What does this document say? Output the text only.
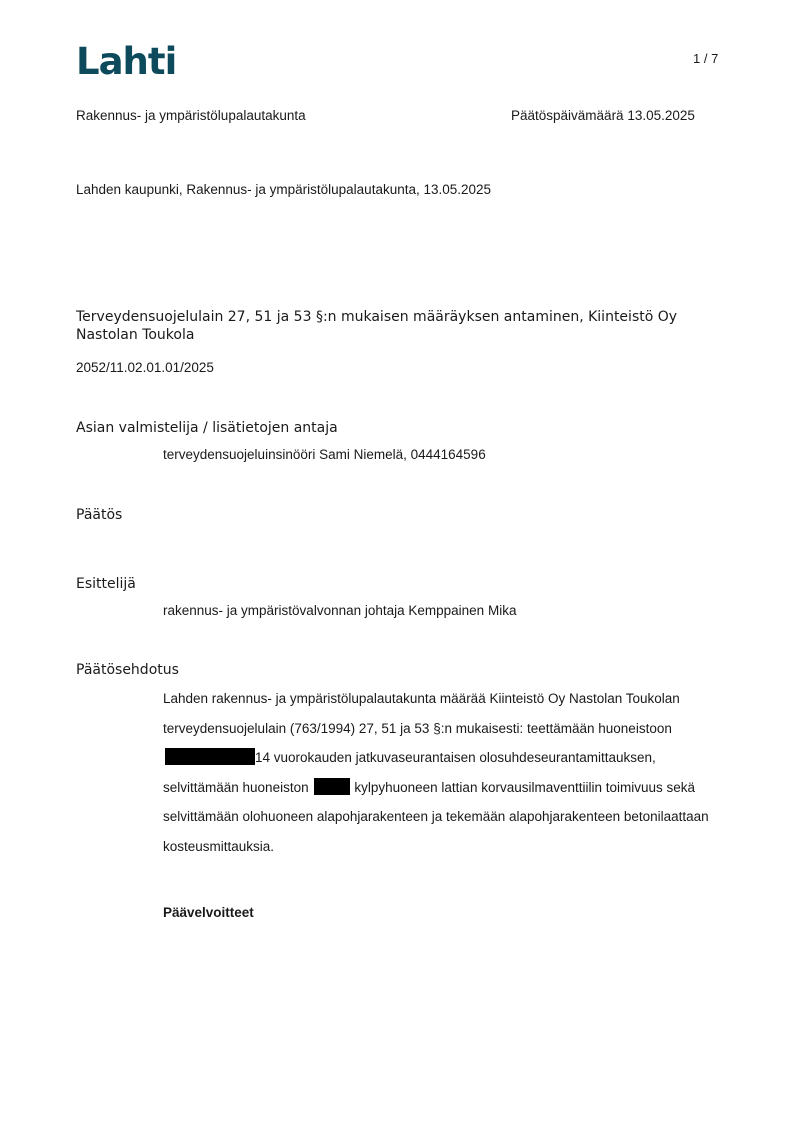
Lahti	1 / 7
Rakennus- ja ympäristölupalautakunta	Päätöspäivämäärä 13.05.2025
Lahden kaupunki, Rakennus- ja ympäristölupalautakunta, 13.05.2025
Terveydensuojelulain 27, 51 ja 53 §:n mukaisen määräyksen antaminen, Kiinteistö Oy Nastolan Toukola
2052/11.02.01.01/2025
Asian valmistelija / lisätietojen antaja
terveydensuojeluinsinööri Sami Niemelä, 0444164596
Päätös
Esittelijä
rakennus- ja ympäristövalvonnan johtaja Kemppainen Mika
Päätösehdotus
Lahden rakennus- ja ympäristölupalautakunta määrää Kiinteistö Oy Nastolan Toukolan terveydensuojelulain (763/1994) 27, 51 ja 53 §:n mukaisesti: teettämään huoneistoon14 vuorokauden jatkuvaseurantaisen olosuhdeseurantamittauksen, selvittämään huoneiston	kylpyhuoneen lattian korvausilmaventtiilin toimivuus sekä selvittämään olohuoneen alapohjarakenteen ja tekemään alapohjarakenteen betonilaattaan kosteusmittauksia.
Päävelvoitteet
